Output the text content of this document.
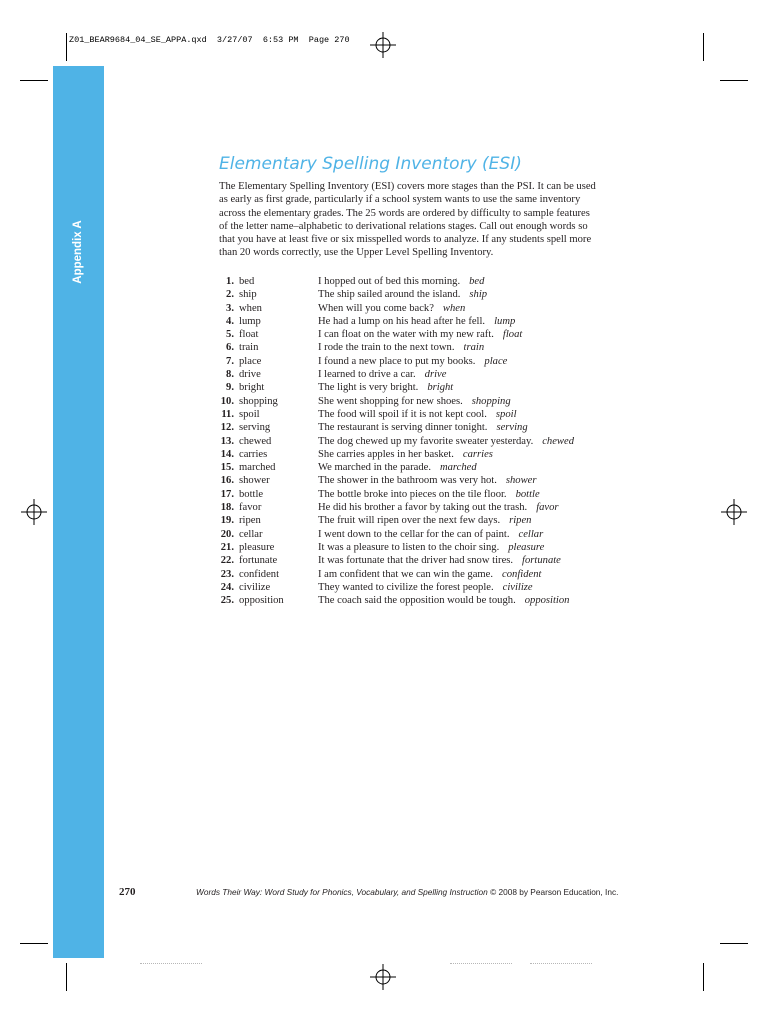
Z01_BEAR9684_04_SE_APPA.qxd  3/27/07  6:53 PM  Page 270
Appendix A
Elementary Spelling Inventory (ESI)
The Elementary Spelling Inventory (ESI) covers more stages than the PSI. It can be used
as early as first grade, particularly if a school system wants to use the same inventory
across the elementary grades. The 25 words are ordered by difficulty to sample features
of the letter name–alphabetic to derivational relations stages. Call out enough words so
that you have at least five or six misspelled words to analyze. If any students spell more
than 20 words correctly, use the Upper Level Spelling Inventory.
1. bed	I hopped out of bed this morning. bed
2. ship	The ship sailed around the island. ship
3. when	When will you come back? when
4. lump	He had a lump on his head after he fell. lump
5. float	I can float on the water with my new raft. float
6. train	I rode the train to the next town. train
7. place	I found a new place to put my books. place
8. drive	I learned to drive a car. drive
9. bright	The light is very bright. bright
10. shopping	She went shopping for new shoes. shopping
11. spoil	The food will spoil if it is not kept cool. spoil
12. serving	The restaurant is serving dinner tonight. serving
13. chewed	The dog chewed up my favorite sweater yesterday. chewed
14. carries	She carries apples in her basket. carries
15. marched	We marched in the parade. marched
16. shower	The shower in the bathroom was very hot. shower
17. bottle	The bottle broke into pieces on the tile floor. bottle
18. favor	He did his brother a favor by taking out the trash. favor
19. ripen	The fruit will ripen over the next few days. ripen
20. cellar	I went down to the cellar for the can of paint. cellar
21. pleasure	It was a pleasure to listen to the choir sing. pleasure
22. fortunate	It was fortunate that the driver had snow tires. fortunate
23. confident	I am confident that we can win the game. confident
24. civilize	They wanted to civilize the forest people. civilize
25. opposition	The coach said the opposition would be tough. opposition
270	Words Their Way: Word Study for Phonics, Vocabulary, and Spelling Instruction © 2008 by Pearson Education, Inc.
